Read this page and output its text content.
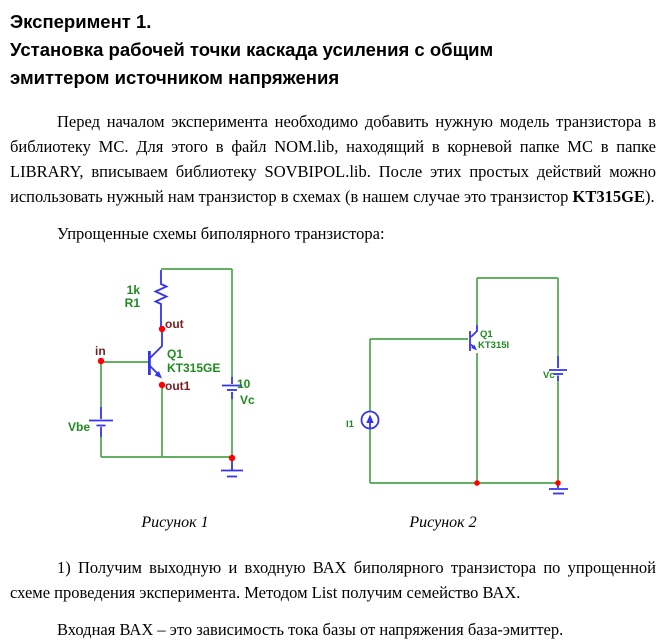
Эксперимент 1.
Установка рабочей точки каскада усиления с общим эмиттером источником напряжения

Перед началом эксперимента необходимо добавить нужную модель транзистора в библиотеку МС. Для этого в файл NOM.lib, находящий в корневой папке МС в папке LIBRARY, вписываем библиотеку SOVBIPOL.lib. После этих простых действий можно использовать нужный нам транзистор в схемах (в нашем случае это транзистор KT315GE).

Упрощенные схемы биполярного транзистора:

1k
R1
Q1
KT315GE
Vbe
10
Vc
in
out
out1
Q1
KT315I
I1
Vc
Рисунок 1	Рисунок 2

1) Получим выходную и входную ВАХ биполярного транзистора по упрощенной схеме проведения эксперимента. Методом List получим семейство ВАХ.

Входная ВАХ – это зависимость тока базы от напряжения база-эмиттер.
